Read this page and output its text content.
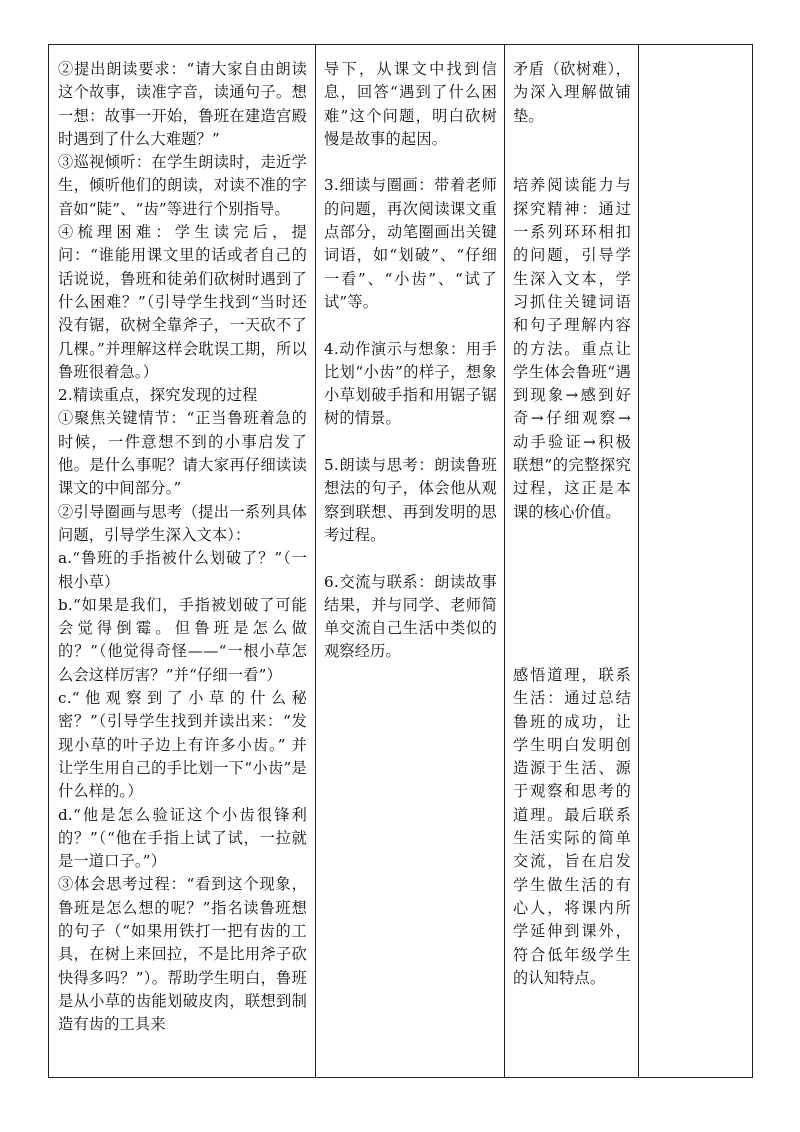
②提出朗读要求：“请大家自由朗读这个故事，读准字音，读通句子。想一想：故事一开始，鲁班在建造宫殿时遇到了什么大难题？”

③巡视倾听：在学生朗读时，走近学生，倾听他们的朗读，对读不准的字音如“陡”、“齿”等进行个别指导。

④梳理困难：学生读完后，提问：“谁能用课文里的话或者自己的话说说，鲁班和徒弟们砍树时遇到了什么困难？”（引导学生找到“当时还没有锯，砍树全靠斧子，一天砍不了几棵。”并理解这样会耽误工期，所以鲁班很着急。）

2.精读重点，探究发现的过程

①聚焦关键情节：“正当鲁班着急的时候，一件意想不到的小事启发了他。是什么事呢？请大家再仔细读读课文的中间部分。”

②引导圈画与思考（提出一系列具体问题，引导学生深入文本）：

a.“鲁班的手指被什么划破了？”（一根小草）

b.“如果是我们，手指被划破了可能会觉得倒霉。但鲁班是怎么做的？”（他觉得奇怪——“一根小草怎么会这样厉害？”并“仔细一看”）

c.“他观察到了小草的什么秘密？”（引导学生找到并读出来：“发现小草的叶子边上有许多小齿。” 并让学生用自己的手比划一下“小齿”是什么样的。）

d.“他是怎么验证这个小齿很锋利的？”（“他在手指上试了试，一拉就是一道口子。”）

③体会思考过程：“看到这个现象，鲁班是怎么想的呢？”指名读鲁班想的句子（“如果用铁打一把有齿的工具，在树上来回拉，不是比用斧子砍快得多吗？”）。帮助学生明白，鲁班是从小草的齿能划破皮肉，联想到制造有齿的工具来

导下，从课文中找到信息，回答“遇到了什么困难”这个问题，明白砍树慢是故事的起因。

3.细读与圈画：带着老师的问题，再次阅读课文重点部分，动笔圈画出关键词语，如“划破”、“仔细一看”、“小齿”、“试了试”等。

4.动作演示与想象：用手比划“小齿”的样子，想象小草划破手指和用锯子锯树的情景。

5.朗读与思考：朗读鲁班想法的句子，体会他从观察到联想、再到发明的思考过程。

6.交流与联系：朗读故事结果，并与同学、老师简单交流自己生活中类似的观察经历。

矛盾（砍树难），为深入理解做铺垫。

培养阅读能力与探究精神：通过一系列环环相扣的问题，引导学生深入文本，学习抓住关键词语和句子理解内容的方法。重点让学生体会鲁班“遇到现象→感到好奇→仔细观察→动手验证→积极联想”的完整探究过程，这正是本课的核心价值。

感悟道理，联系生活：通过总结鲁班的成功，让学生明白发明创造源于生活、源于观察和思考的道理。最后联系生活实际的简单交流，旨在启发学生做生活的有心人，将课内所学延伸到课外，符合低年级学生的认知特点。
